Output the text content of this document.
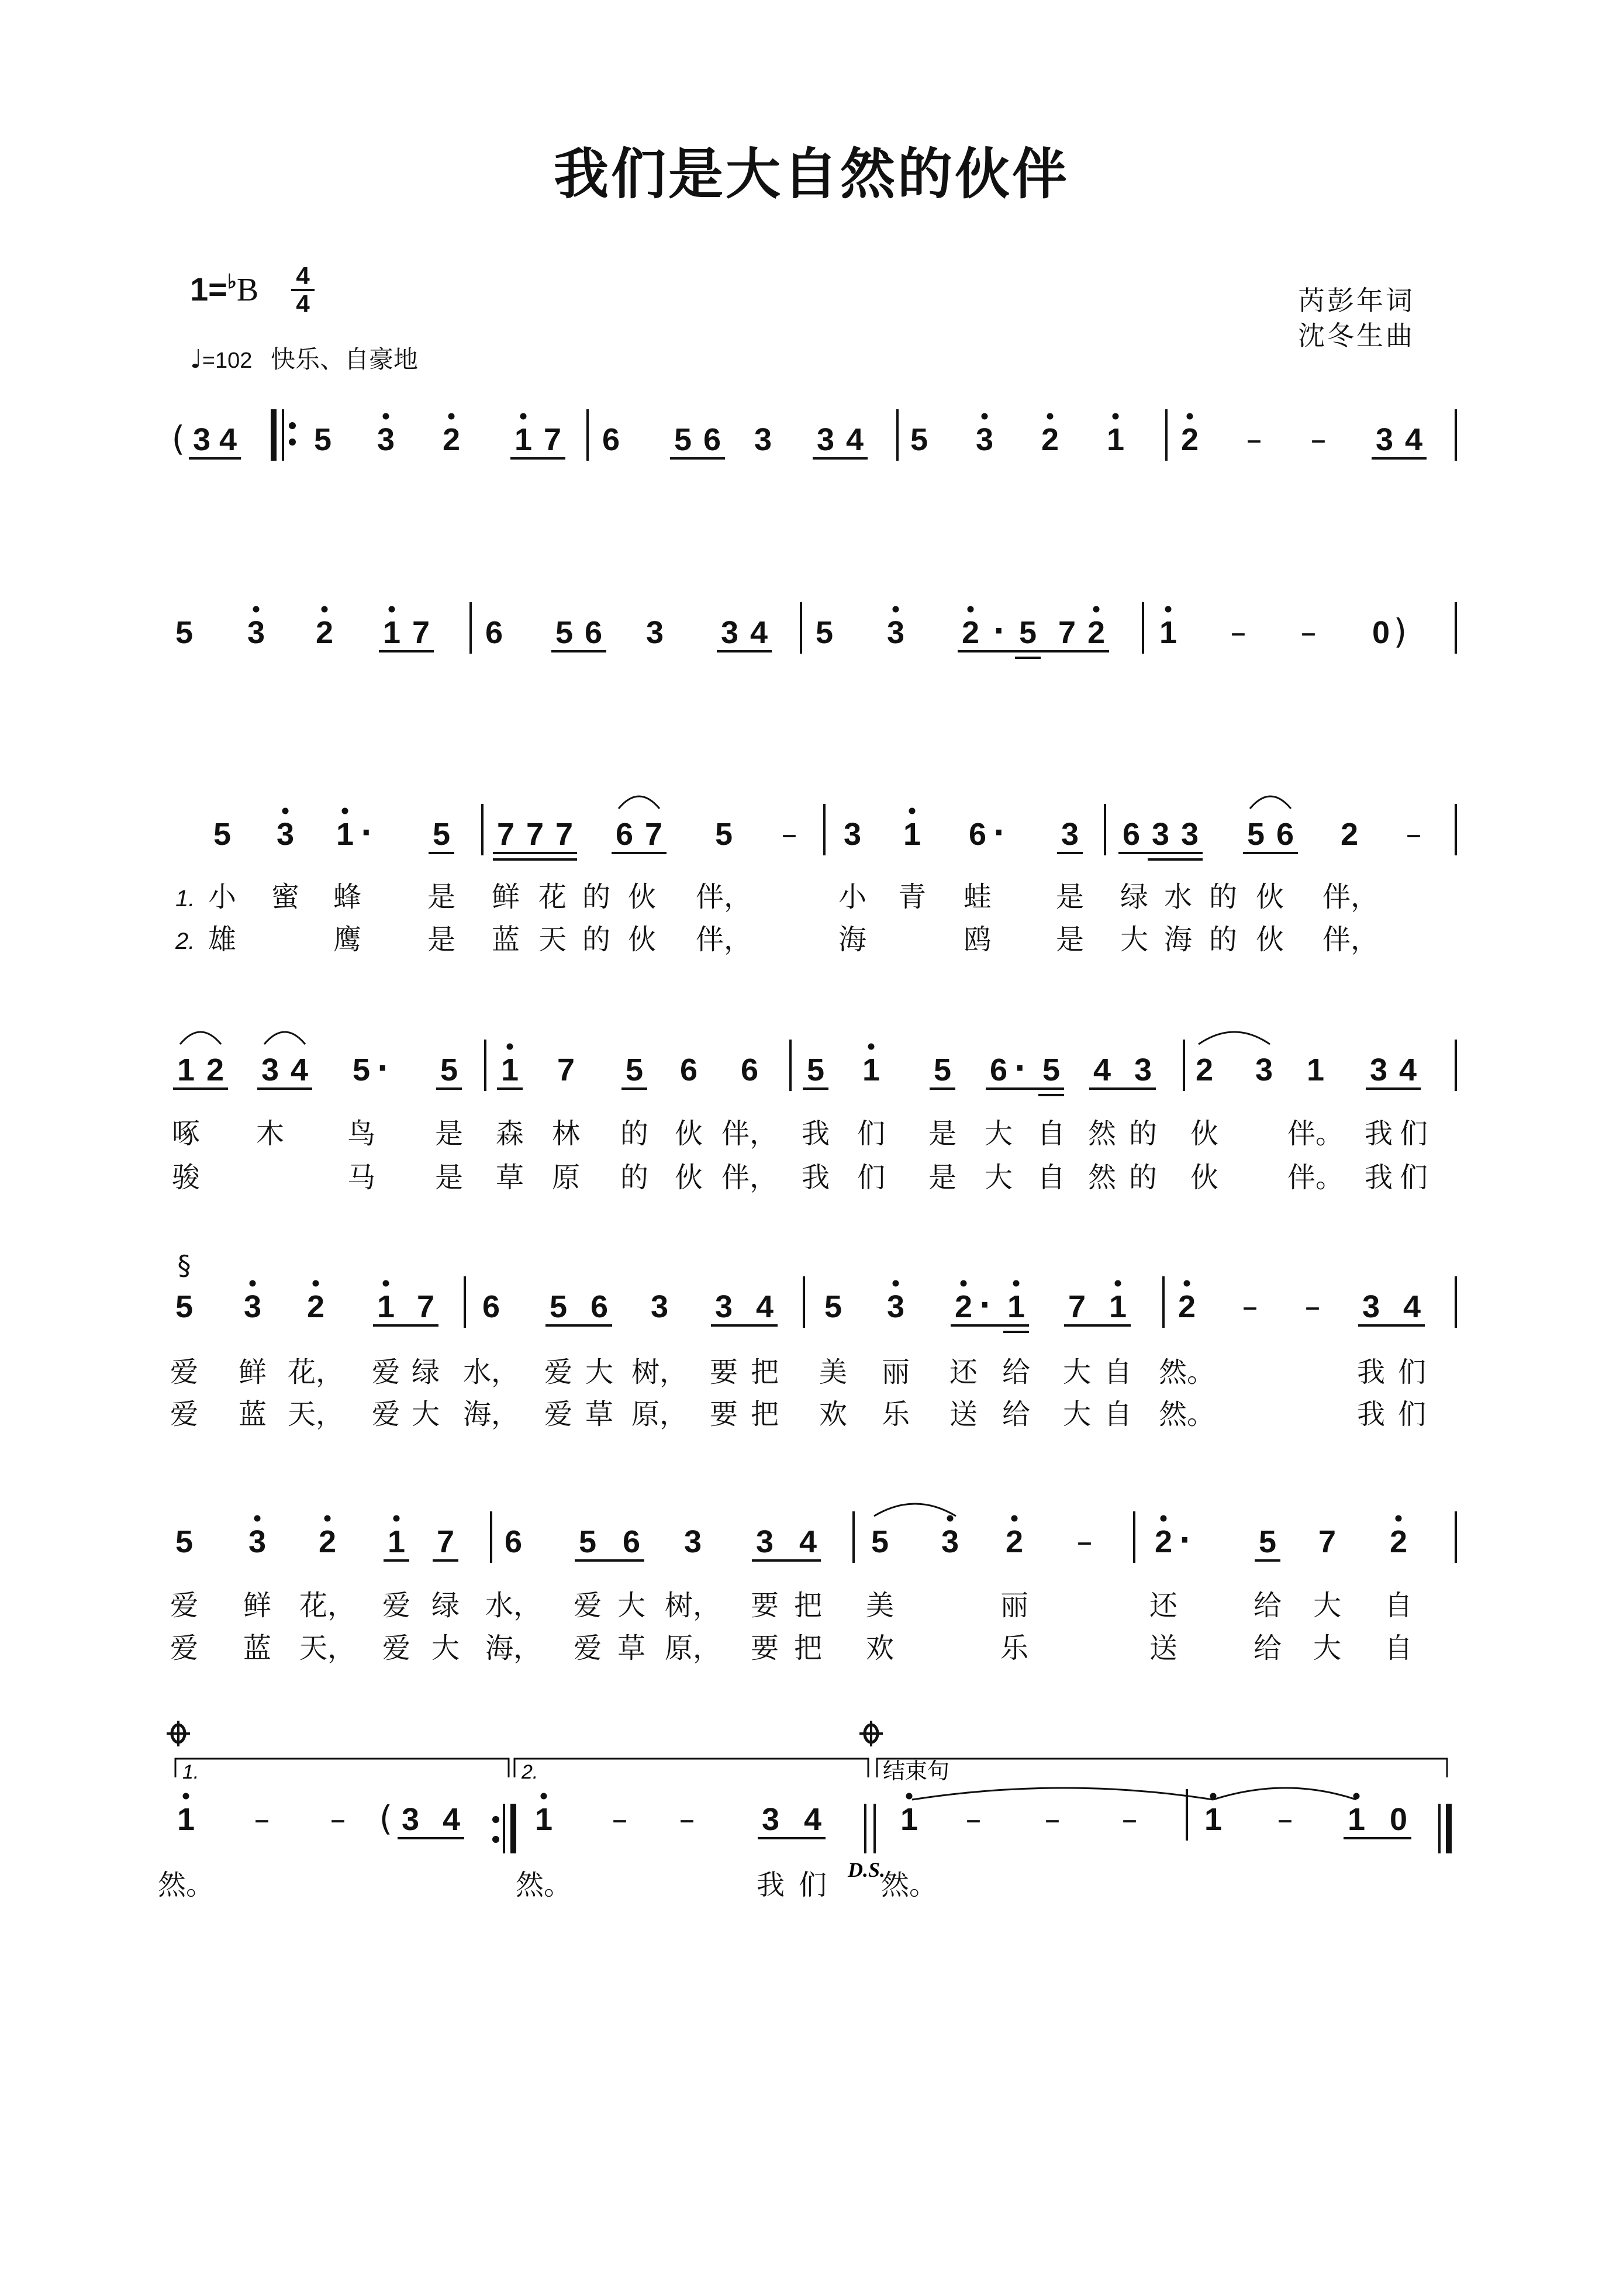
我们是大自然的伙伴
1=♭B 4
4
♩=102 快乐、自豪地
芮彭年词
沈冬生曲
3 4 5 3 2 1 7 6 5 6 3 3 4 5 3 2 1 2 – – 3 4
(
5 3 2 1 7 6 5 6 3 3 4 5 3 2 · 5 7 2 1 – – 0 )
5 3 1 · 5 7 7 7 6 7 5 – 3 1 6 · 3 6 3 3 5 6 2 –
1 2 3 4 5 · 5 1 7 5 6 6 5 1 5 6 · 5 4 3 2 3 1 3 4
5 3 2 1 7 6 5 6 3 3 4 5 3 2 · 1 7 1 2 – – 3 4
§
5 3 2 1 7 6 5 6 3 3 4 5 3 2 – 2 · 5 7 2
1 – – 3 4 1 – – 3 4 1 – – – 1 – 1 0
(
1. 小 蜜 蜂 是 鲜 花 的 伙 伴，	小 青 蛙 是 绿 水 的 伙 伴，
2. 雄	鹰 是 蓝 天 的 伙 伴，	海	鸥 是 大 海 的 伙 伴，
啄 木 鸟 是 森 林 的 伙 伴， 我 们 是 大 自 然 的 伙 伴。 我 们
骏	马 是 草 原 的 伙 伴， 我 们 是 大 自 然 的 伙 伴。 我 们
爱 鲜 花， 爱 绿 水， 爱 大 树， 要 把 美 丽 还 给 大 自 然。	我 们
爱 蓝 天， 爱 大 海， 爱 草 原， 要 把 欢 乐 送 给 大 自 然。	我 们
爱 鲜 花， 爱 绿 水， 爱 大 树， 要 把 美	丽	还	给 大 自
爱 蓝 天， 爱 大 海， 爱 草 原， 要 把 欢	乐	送	给 大 自
然。	然。	我 们 然。
1.	2.	结束句
D.S.
